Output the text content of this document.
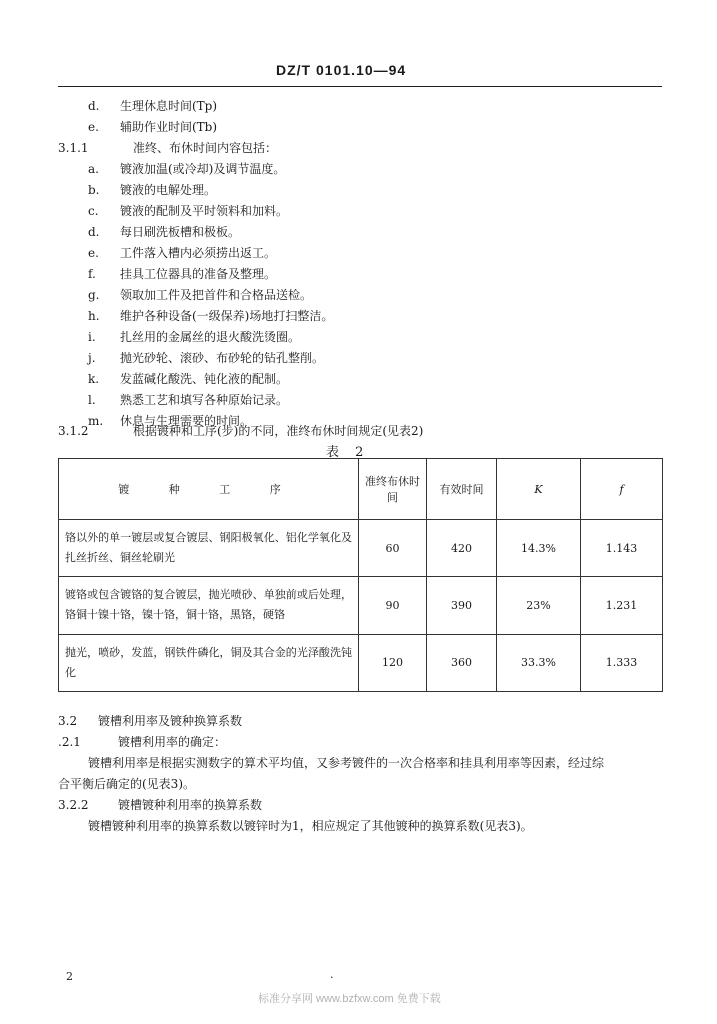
DZ/T 0101.10—94
d. 生理休息时间(Tp)
e. 辅助作业时间(Tb)
3.1.1	准终、布休时间内容包括：
a. 镀液加温(或冷却)及调节温度。
b. 镀液的电解处理。
c. 镀液的配制及平时领料和加料。
d. 每日刷洗板槽和极板。
e. 工件落入槽内必须捞出返工。
f. 挂具工位器具的准备及整理。
g. 领取加工件及把首件和合格品送检。
h. 维护各种设备(一级保养)场地打扫整洁。
i. 扎丝用的金属丝的退火酸洗烫圈。
j. 抛光砂轮、滚砂、布砂轮的钻孔整削。
k. 发蓝碱化酸洗、钝化液的配制。
l. 熟悉工艺和填写各种原始记录。
m. 休息与生理需要的时间。
3.1.2	根据镀种和工序(步)的不同，准终布休时间规定(见表2)
表 2
镀 种 工 序	准终布休时间	有效时间	K	f
铬以外的单一镀层或复合镀层、钢阳极氧化、铝化学氧化及扎丝折丝、铜丝轮刷光	60	420	14.3%	1.143
镀铬或包含镀铬的复合镀层，抛光喷砂、单独前或后处理，铬铜十镍十铬，镍十铬，铜十铬，黑铬，硬铬	90	390	23%	1.231
抛光，喷砂，发蓝，钢铁件磷化，铜及其合金的光泽酸洗钝化	120	360	33.3%	1.333
3.2 镀槽利用率及镀种换算系数
.2.1	镀槽利用率的确定：
镀槽利用率是根据实测数字的算术平均值，又参考镀件的一次合格率和挂具利用率等因素，经过综
合平衡后确定的(见表3)。
3.2.2 镀槽镀种利用率的换算系数
镀槽镀种利用率的换算系数以镀锌时为1，相应规定了其他镀种的换算系数(见表3)。
2	·
标准分享网 www.bzfxw.com 免费下载
